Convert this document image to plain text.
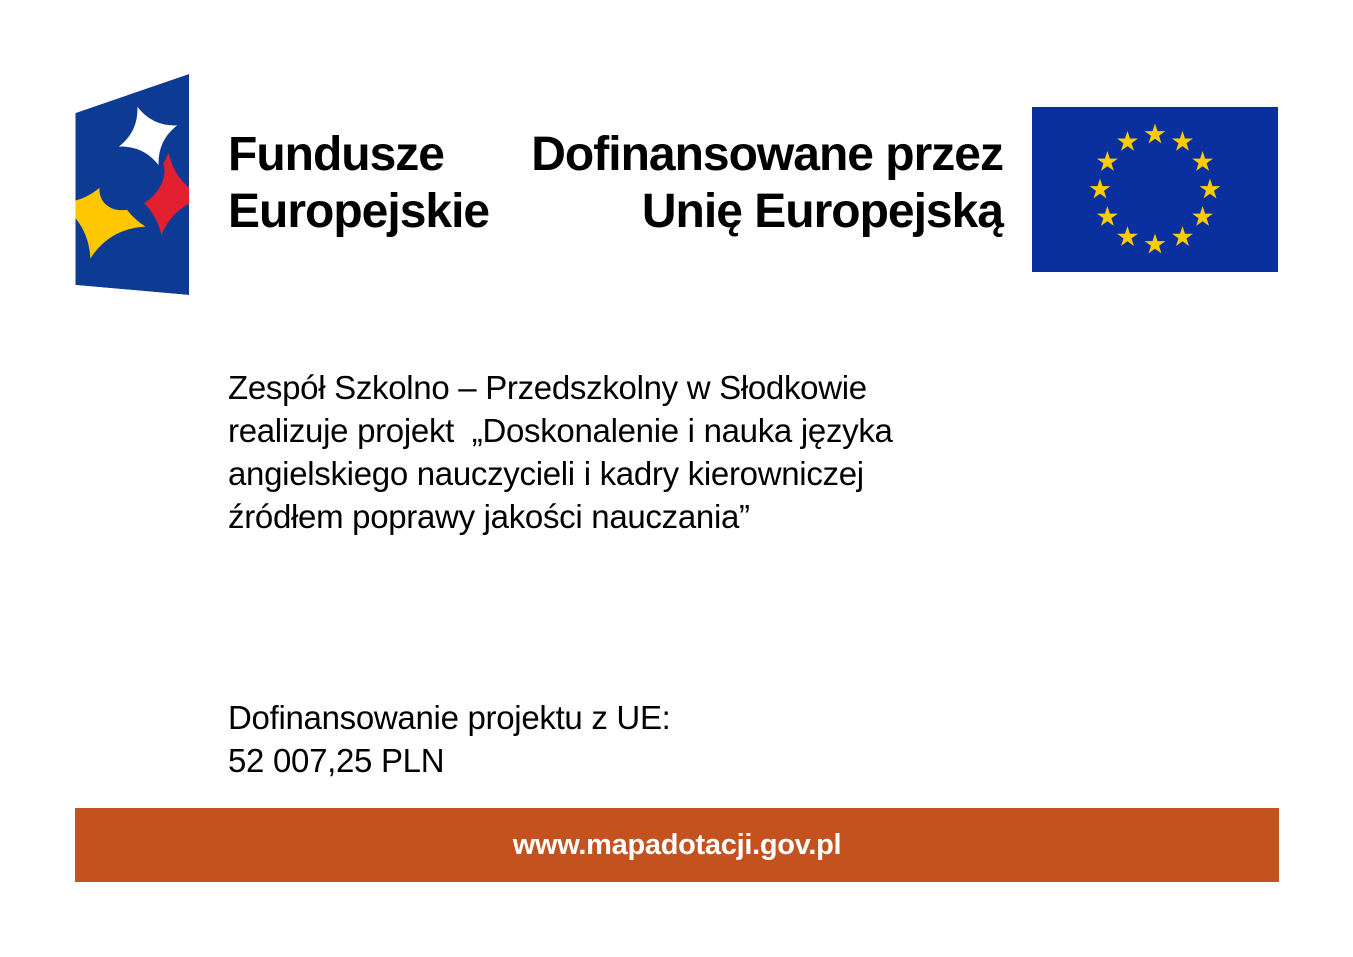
Fundusze
Europejskie
Dofinansowane przez
Unię Europejską
Zespół Szkolno – Przedszkolny w Słodkowie
realizuje projekt  „Doskonalenie i nauka języka
angielskiego nauczycieli i kadry kierowniczej
źródłem poprawy jakości nauczania”
Dofinansowanie projektu z UE:
52 007,25 PLN
www.mapadotacji.gov.pl
